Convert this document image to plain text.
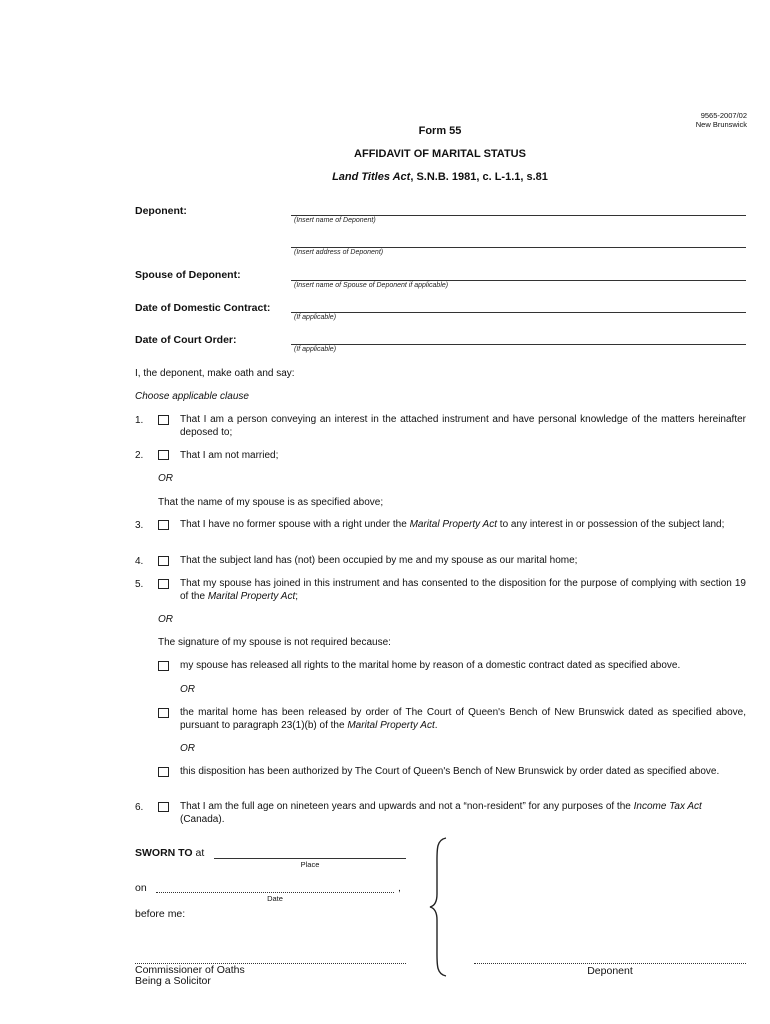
9565-2007/02
New Brunswick
Form 55
AFFIDAVIT OF MARITAL STATUS
Land Titles Act, S.N.B. 1981, c. L-1.1, s.81
Deponent:
(Insert name of Deponent)
(Insert address of Deponent)
Spouse of Deponent:
(Insert name of Spouse of Deponent if applicable)
Date of Domestic Contract:
(If applicable)
Date of Court Order:
(If applicable)
I, the deponent, make oath and say:
Choose applicable clause
1.	That I am a person conveying an interest in the attached instrument and have personal knowledge of the matters hereinafter deposed to;
2.	That I am not married;
OR
That the name of my spouse is as specified above;
3.	That I have no former spouse with a right under the Marital Property Act to any interest in or possession of the subject land;
4.	That the subject land has (not) been occupied by me and my spouse as our marital home;
5.	That my spouse has joined in this instrument and has consented to the disposition for the purpose of complying with section 19 of the Marital Property Act;
OR
The signature of my spouse is not required because:
my spouse has released all rights to the marital home by reason of a domestic contract dated as specified above.
OR
the marital home has been released by order of The Court of Queen's Bench of New Brunswick dated as specified above, pursuant to paragraph 23(1)(b) of the Marital Property Act.
OR
this disposition has been authorized by The Court of Queen's Bench of New Brunswick by order dated as specified above.
6.	That I am the full age on nineteen years and upwards and not a “non-resident” for any purposes of the Income Tax Act (Canada).
SWORN TO at
Place
on	,
Date
before me:
Commissioner of Oaths
Being a Solicitor
Deponent
